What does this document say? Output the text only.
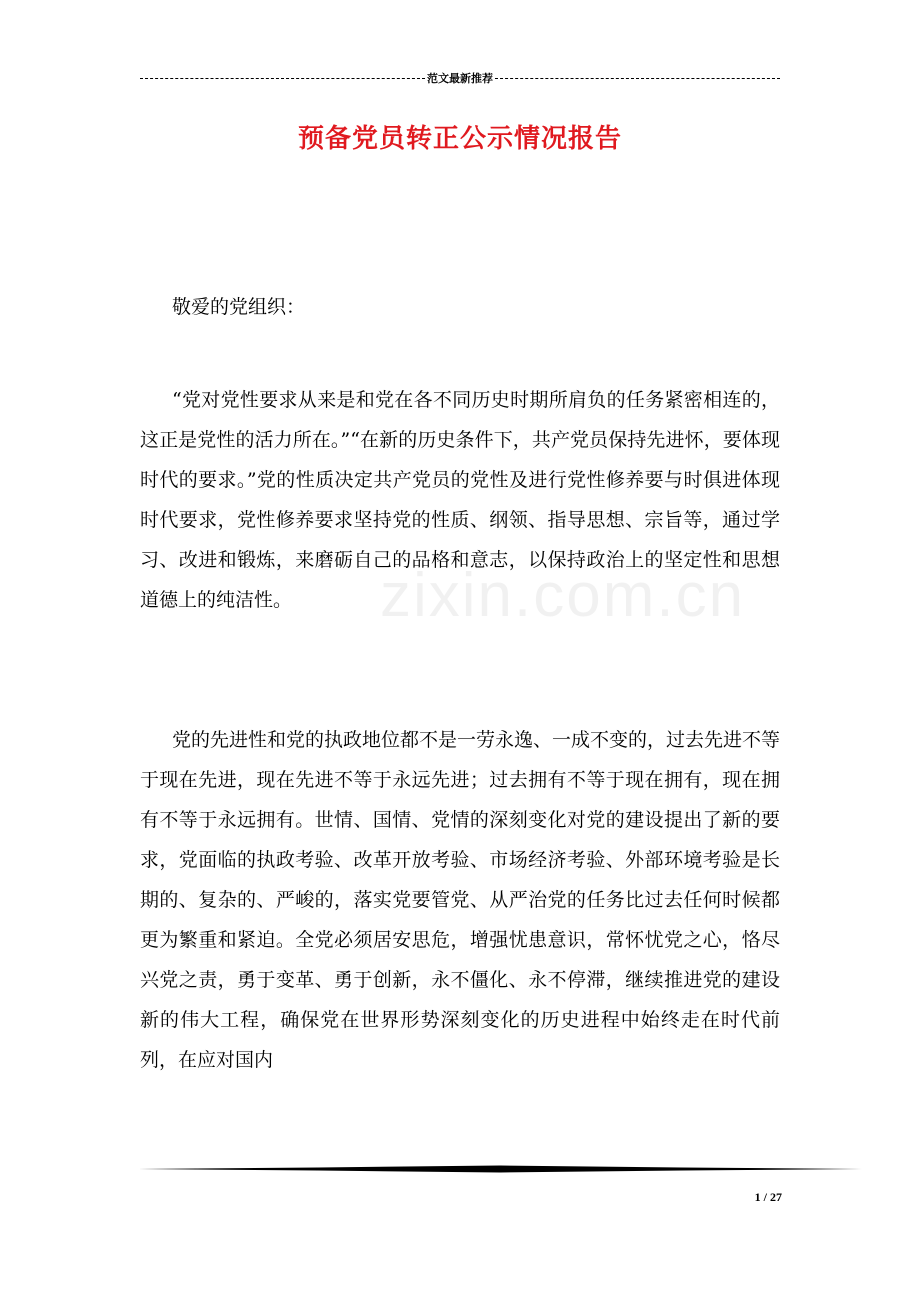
范文最新推荐
预备党员转正公示情况报告
zixin.com.cn
敬爱的党组织：
“党对党性要求从来是和党在各不同历史时期所肩负的任务紧密相连的，这正是党性的活力所在。”“在新的历史条件下，共产党员保持先进怀，要体现时代的要求。”党的性质决定共产党员的党性及进行党性修养要与时俱进体现时代要求，党性修养要求坚持党的性质、纲领、指导思想、宗旨等，通过学习、改进和锻炼，来磨砺自己的品格和意志，以保持政治上的坚定性和思想道德上的纯洁性。
党的先进性和党的执政地位都不是一劳永逸、一成不变的，过去先进不等于现在先进，现在先进不等于永远先进；过去拥有不等于现在拥有，现在拥有不等于永远拥有。世情、国情、党情的深刻变化对党的建设提出了新的要求，党面临的执政考验、改革开放考验、市场经济考验、外部环境考验是长期的、复杂的、严峻的，落实党要管党、从严治党的任务比过去任何时候都更为繁重和紧迫。全党必须居安思危，增强忧患意识，常怀忧党之心，恪尽兴党之责，勇于变革、勇于创新，永不僵化、永不停滞，继续推进党的建设新的伟大工程，确保党在世界形势深刻变化的历史进程中始终走在时代前列，在应对国内
1 / 27
